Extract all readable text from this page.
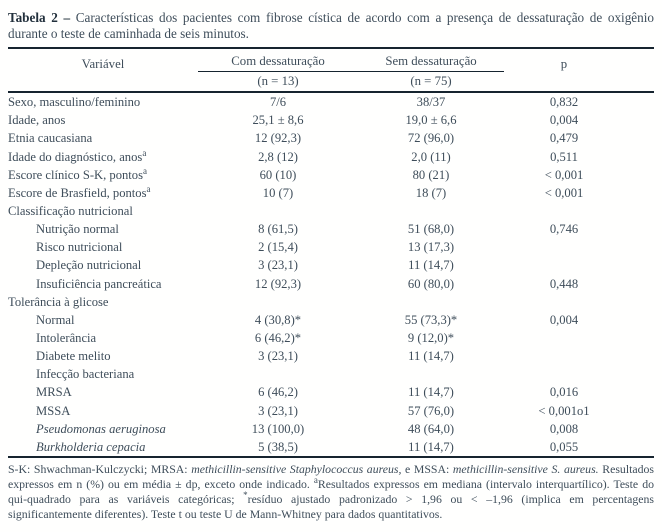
Tabela 2 – Características dos pacientes com fibrose cística de acordo com a presença de dessaturação de oxigênio durante o teste de caminhada de seis minutos.

Variável	Com dessaturação	Sem dessaturação	p
(n = 13)	(n = 75)
Sexo, masculino/feminino	7/6	38/37	0,832
Idade, anos	25,1 ± 8,6	19,0 ± 6,6	0,004
Etnia caucasiana	12 (92,3)	72 (96,0)	0,479
Idade do diagnóstico, anos$^a$	2,8 (12)	2,0 (11)	0,511
Escore clínico S-K, pontos$^a$	60 (10)	80 (21)	< 0,001
Escore de Brasfield, pontos$^a$	10 (7)	18 (7)	< 0,001
Classificação nutricional
Nutrição normal	8 (61,5)	51 (68,0)	0,746
Risco nutricional	2 (15,4)	13 (17,3)
Depleção nutricional	3 (23,1)	11 (14,7)
Insuficiência pancreática	12 (92,3)	60 (80,0)	0,448
Tolerância à glicose
Normal	4 (30,8)*	55 (73,3)*	0,004
Intolerância	6 (46,2)*	9 (12,0)*
Diabete melito	3 (23,1)	11 (14,7)
Infecção bacteriana
MRSA	6 (46,2)	11 (14,7)	0,016
MSSA	3 (23,1)	57 (76,0)	< 0,001o1
Pseudomonas aeruginosa	13 (100,0)	48 (64,0)	0,008
Burkholderia cepacia	5 (38,5)	11 (14,7)	0,055

S-K: Shwachman-Kulczycki; MRSA: methicillin-sensitive Staphylococcus aureus, e MSSA: methicillin-sensitive S. aureus. Resultados expressos em n (%) ou em média ± dp, exceto onde indicado. $^a$Resultados expressos em mediana (intervalo interquartílico). Teste do qui-quadrado para as variáveis categóricas; *resíduo ajustado padronizado > 1,96 ou < –1,96 (implica em percentagens significantemente diferentes). Teste t ou teste U de Mann-Whitney para dados quantitativos.
